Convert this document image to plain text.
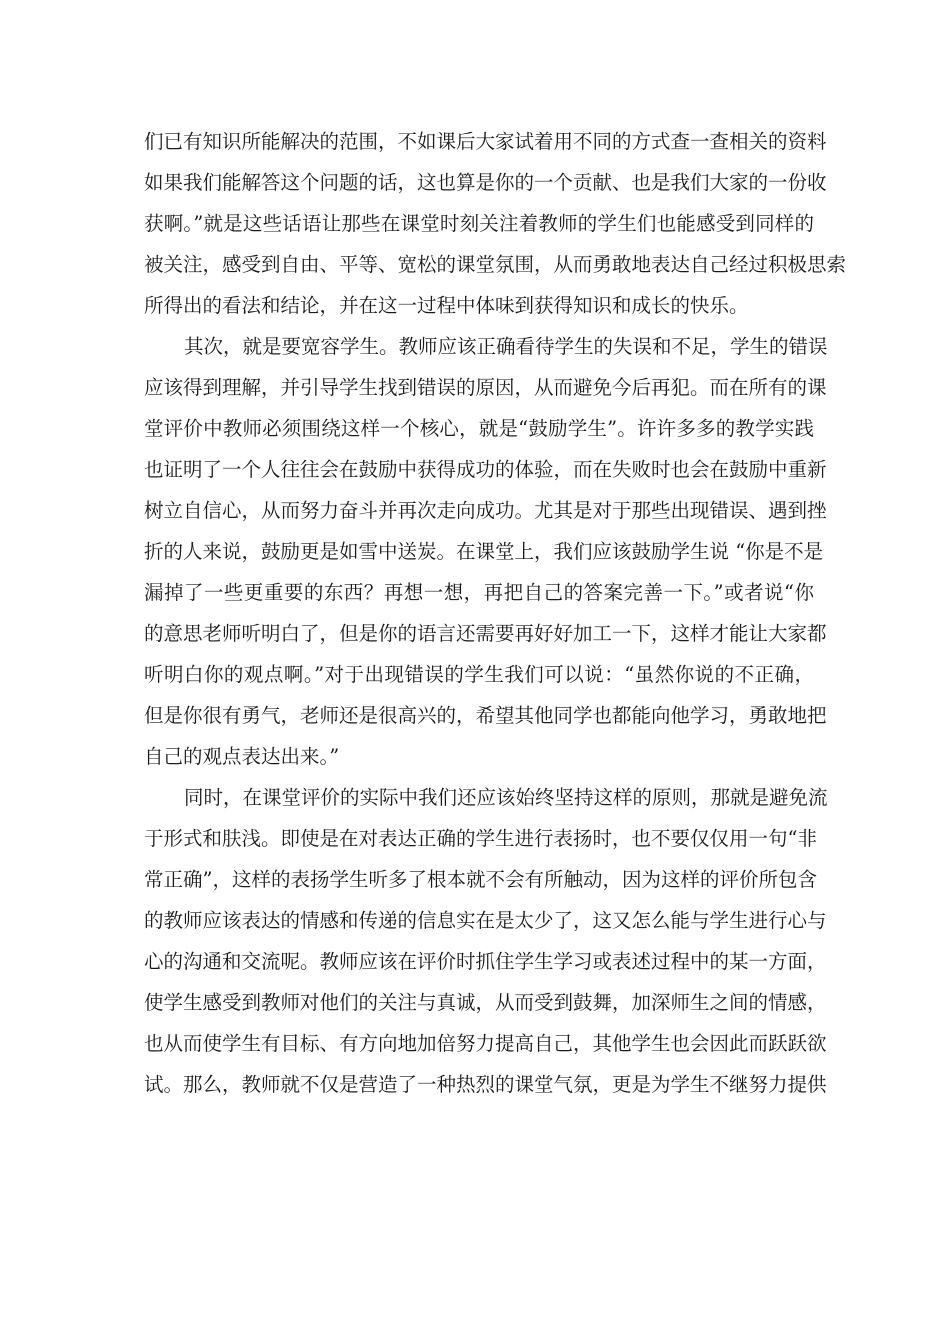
们已有知识所能解决的范围，不如课后大家试着用不同的方式查一查相关的资料
如果我们能解答这个问题的话，这也算是你的一个贡献、也是我们大家的一份收
获啊。”就是这些话语让那些在课堂时刻关注着教师的学生们也能感受到同样的
被关注，感受到自由、平等、宽松的课堂氛围，从而勇敢地表达自己经过积极思索
所得出的看法和结论，并在这一过程中体味到获得知识和成长的快乐。
其次，就是要宽容学生。教师应该正确看待学生的失误和不足，学生的错误
应该得到理解，并引导学生找到错误的原因，从而避免今后再犯。而在所有的课
堂评价中教师必须围绕这样一个核心，就是“鼓励学生”。许许多多的教学实践
也证明了一个人往往会在鼓励中获得成功的体验，而在失败时也会在鼓励中重新
树立自信心，从而努力奋斗并再次走向成功。尤其是对于那些出现错误、遇到挫
折的人来说，鼓励更是如雪中送炭。在课堂上，我们应该鼓励学生说 “你是不是
漏掉了一些更重要的东西？再想一想，再把自己的答案完善一下。”或者说“你
的意思老师听明白了，但是你的语言还需要再好好加工一下，这样才能让大家都
听明白你的观点啊。”对于出现错误的学生我们可以说：“虽然你说的不正确，
但是你很有勇气，老师还是很高兴的，希望其他同学也都能向他学习，勇敢地把
自己的观点表达出来。”
同时，在课堂评价的实际中我们还应该始终坚持这样的原则，那就是避免流
于形式和肤浅。即使是在对表达正确的学生进行表扬时，也不要仅仅用一句“非
常正确”，这样的表扬学生听多了根本就不会有所触动，因为这样的评价所包含
的教师应该表达的情感和传递的信息实在是太少了，这又怎么能与学生进行心与
心的沟通和交流呢。教师应该在评价时抓住学生学习或表述过程中的某一方面，
使学生感受到教师对他们的关注与真诚，从而受到鼓舞，加深师生之间的情感，
也从而使学生有目标、有方向地加倍努力提高自己，其他学生也会因此而跃跃欲
试。那么，教师就不仅是营造了一种热烈的课堂气氛，更是为学生不继努力提供
